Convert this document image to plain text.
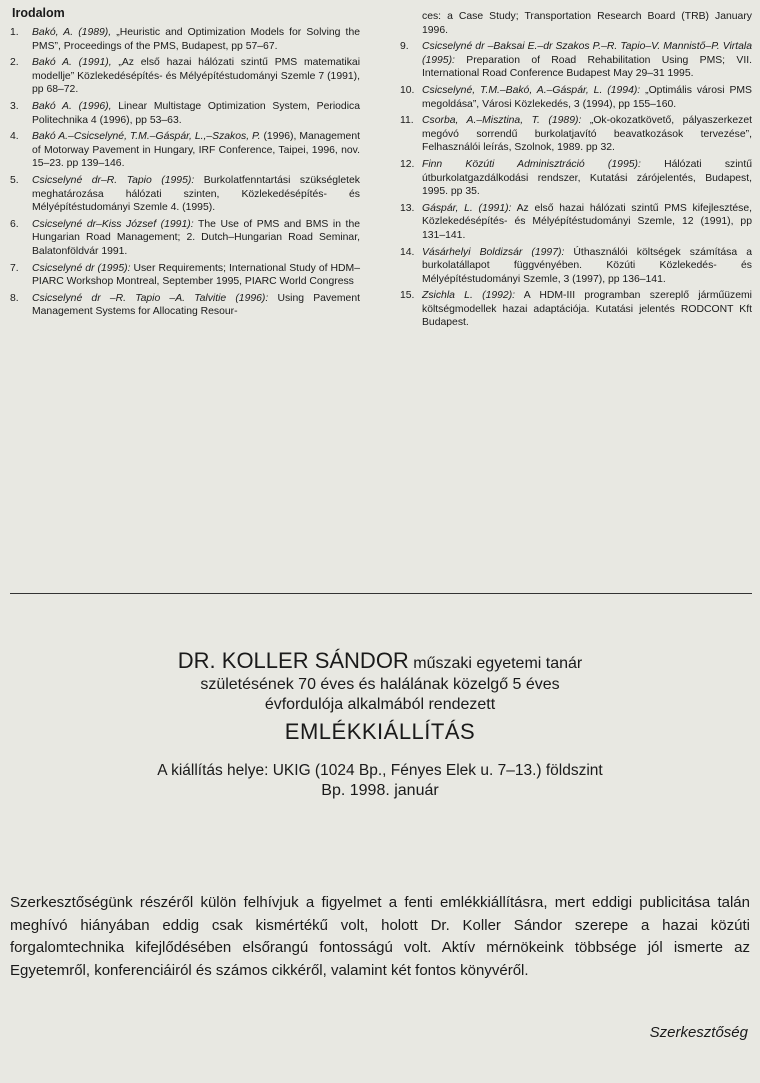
Irodalom
1.	Bakó, A. (1989), „Heuristic and Optimization Models for Solving the PMS”, Proceedings of the PMS, Budapest, pp 57–67.
2.	Bakó A. (1991), „Az első hazai hálózati szintű PMS matematikai modellje” Közlekedésépítés- és Mélyépítéstudományi Szemle 7 (1991), pp 68–72.
3.	Bakó A. (1996), Linear Multistage Optimization System, Periodica Politechnika 4 (1996), pp 53–63.
4.	Bakó A.–Csicselyné, T.M.–Gáspár, L.,–Szakos, P. (1996), Management of Motorway Pavement in Hungary, IRF Conference, Taipei, 1996, nov. 15–23. pp 139–146.
5.	Csicselyné dr–R. Tapio (1995): Burkolatfenntartási szükségletek meghatározása hálózati szinten, Közlekedésépítés- és Mélyépítéstudományi Szemle 4. (1995).
6.	Csicselyné dr–Kiss József (1991): The Use of PMS and BMS in the Hungarian Road Management; 2. Dutch–Hungarian Road Seminar, Balatonföldvár 1991.
7.	Csicselyné dr (1995): User Requirements; International Study of HDM–PIARC Workshop Montreal, September 1995, PIARC World Congress
8.	Csicselyné dr –R. Tapio –A. Talvitie (1996): Using Pavement Management Systems for Allocating Resour-
ces: a Case Study; Transportation Research Board (TRB) January 1996.
9.	Csicselyné dr –Baksai E.–dr Szakos P.–R. Tapio–V. Mannistő–P. Virtala (1995): Preparation of Road Rehabilitation Using PMS; VII. International Road Conference Budapest May 29–31 1995.
10. Csicselyné, T.M.–Bakó, A.–Gáspár, L. (1994): „Optimális városi PMS megoldása”, Városi Közlekedés, 3 (1994), pp 155–160.
11. Csorba, A.–Misztina, T. (1989): „Ok-okozatkövető, pályaszerkezet megóvó sorrendű burkolatjavító beavatkozások tervezése”, Felhasználói leírás, Szolnok, 1989. pp 32.
12. Finn Közúti Adminisztráció (1995): Hálózati szintű útburkolatgazdálkodási rendszer, Kutatási zárójelentés, Budapest, 1995. pp 35.
13. Gáspár, L. (1991): Az első hazai hálózati szintű PMS kifejlesztése, Közlekedésépítés- és Mélyépítéstudományi Szemle, 12 (1991), pp 131–141.
14. Vásárhelyi Boldizsár (1997): Úthasználói költségek számítása a burkolatállapot függvényében. Közúti Közlekedés- és Mélyépítéstudományi Szemle, 3 (1997), pp 136–141.
15. Zsichla L. (1992): A HDM-III programban szereplő járműüzemi költségmodellek hazai adaptációja. Kutatási jelentés RODCONT Kft Budapest.
DR. KOLLER SÁNDOR műszaki egyetemi tanár
születésének 70 éves és halálának közelgő 5 éves
évfordulója alkalmából rendezett
EMLÉKKIÁLLÍTÁS
A kiállítás helye: UKIG (1024 Bp., Fényes Elek u. 7–13.) földszint
Bp. 1998. január
Szerkesztőségünk részéről külön felhívjuk a figyelmet a fenti emlékkiállításra, mert eddigi publicitása talán meghívó hiányában eddig csak kismértékű volt, holott Dr. Koller Sándor szerepe a hazai közúti forgalomtechnika kifejlődésében elsőrangú fontosságú volt. Aktív mérnökeink többsége jól ismerte az Egyetemről, konferenciáiról és számos cikkéről, valamint két fontos könyvéről.
Szerkesztőség
